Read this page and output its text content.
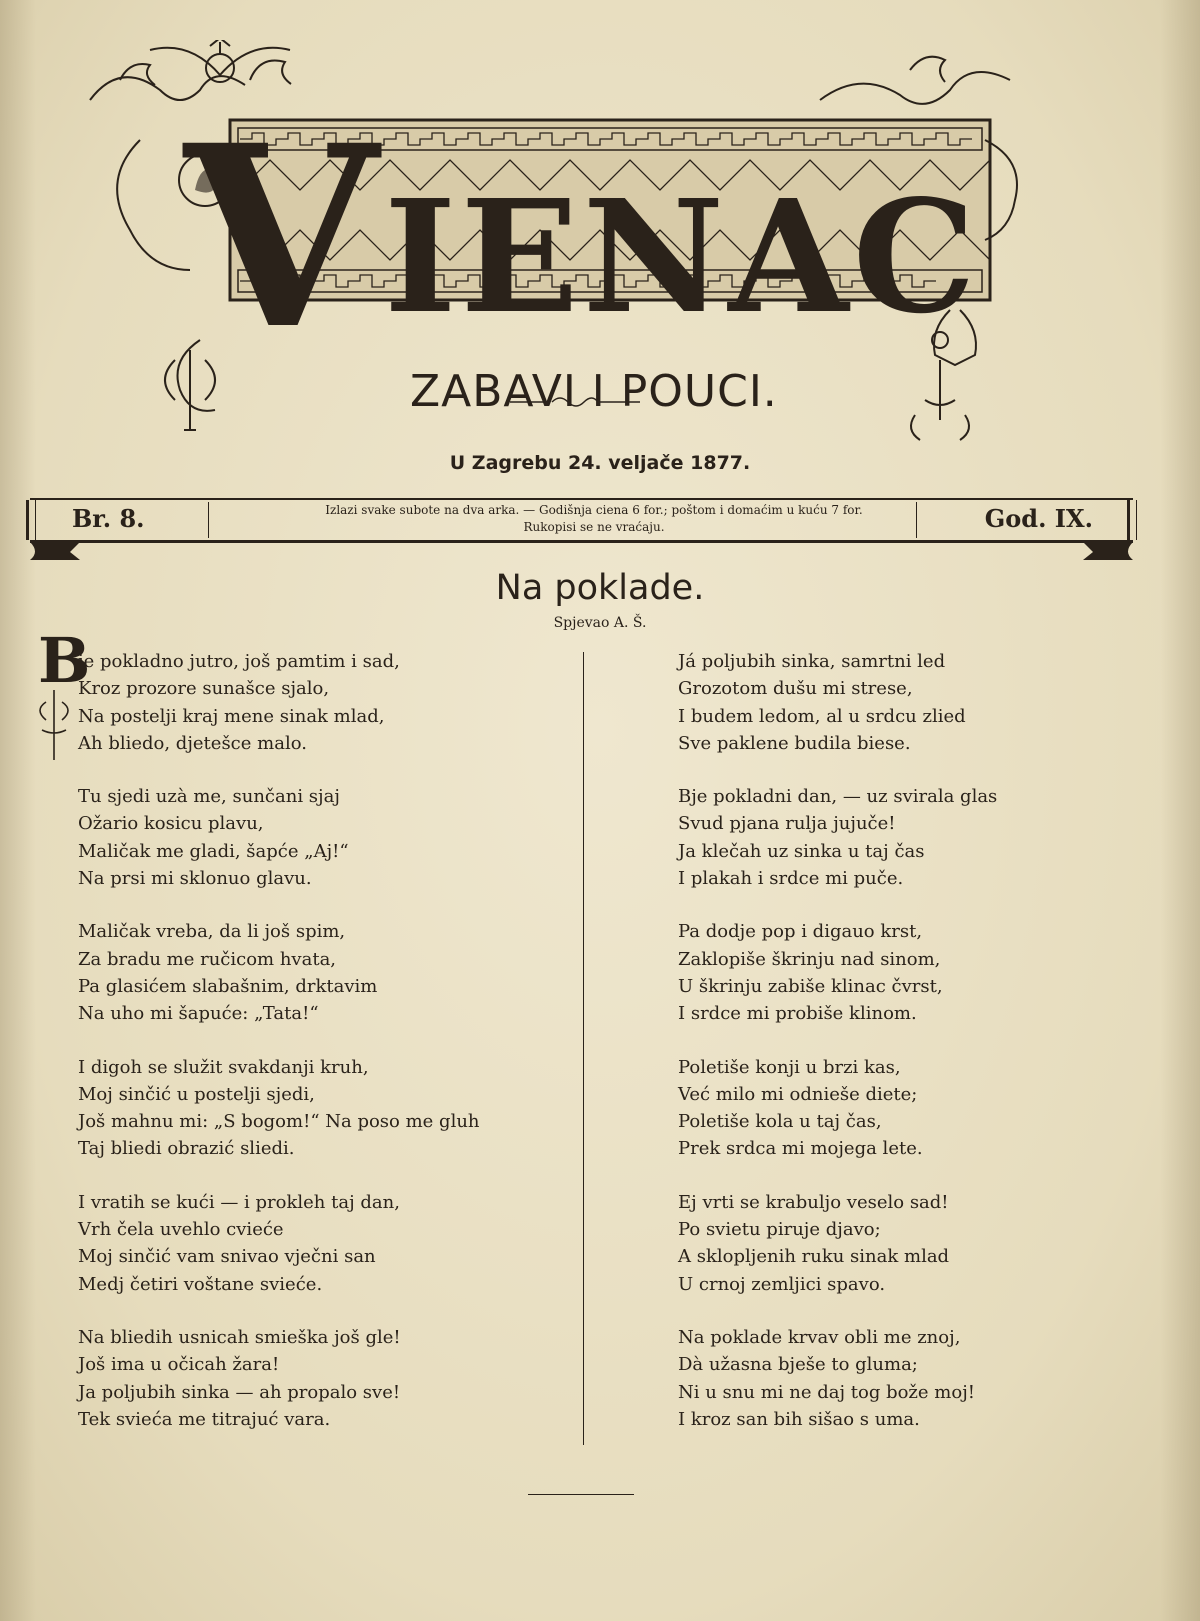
V IENAC
ZABAVI I POUCI.
U Zagrebu 24. veljače 1877.
Br. 8.	Izlazi svake subote na dva arka. — Godišnja ciena 6 for.; poštom i domaćim u kuću 7 for.
Rukopisi se ne vraćaju.	God. IX.
Na poklade.
Spjevao A. Š.
B
je pokladno jutro, još pamtim i sad,
Kroz prozore sunašce sjalo,
Na postelji kraj mene sinak mlad,
Ah bliedo, djetešce malo.
Tu sjedi uzà me, sunčani sjaj
Ožario kosicu plavu,
Maličak me gladi, šapće „Aj!“
Na prsi mi sklonuo glavu.
Maličak vreba, da li još spim,
Za bradu me ručicom hvata,
Pa glasićem slabašnim, drktavim
Na uho mi šapuće: „Tata!“
I digoh se služit svakdanji kruh,
Moj sinčić u postelji sjedi,
Još mahnu mi: „S bogom!“ Na poso me gluh
Taj bliedi obrazić sliedi.
I vratih se kući — i prokleh taj dan,
Vrh čela uvehlo cvieće
Moj sinčić vam snivao vječni san
Medj četiri voštane svieće.
Na bliedih usnicah smieška još gle!
Još ima u očicah žara!
Ja poljubih sinka — ah propalo sve!
Tek svieća me titrajuć vara.
Já poljubih sinka, samrtni led
Grozotom dušu mi strese,
I budem ledom, al u srdcu zlied
Sve paklene budila biese.
Bje pokladni dan, — uz svirala glas
Svud pjana rulja jujuče!
Ja klečah uz sinka u taj čas
I plakah i srdce mi puče.
Pa dodje pop i digauo krst,
Zaklopiše škrinju nad sinom,
U škrinju zabiše klinac čvrst,
I srdce mi probiše klinom.
Poletiše konji u brzi kas,
Već milo mi odnieše diete;
Poletiše kola u taj čas,
Prek srdca mi mojega lete.
Ej vrti se krabuljo veselo sad!
Po svietu piruje djavo;
A sklopljenih ruku sinak mlad
U crnoj zemljici spavo.
Na poklade krvav obli me znoj,
Dà užasna bješe to gluma;
Ni u snu mi ne daj tog bože moj!
I kroz san bih sišao s uma.
